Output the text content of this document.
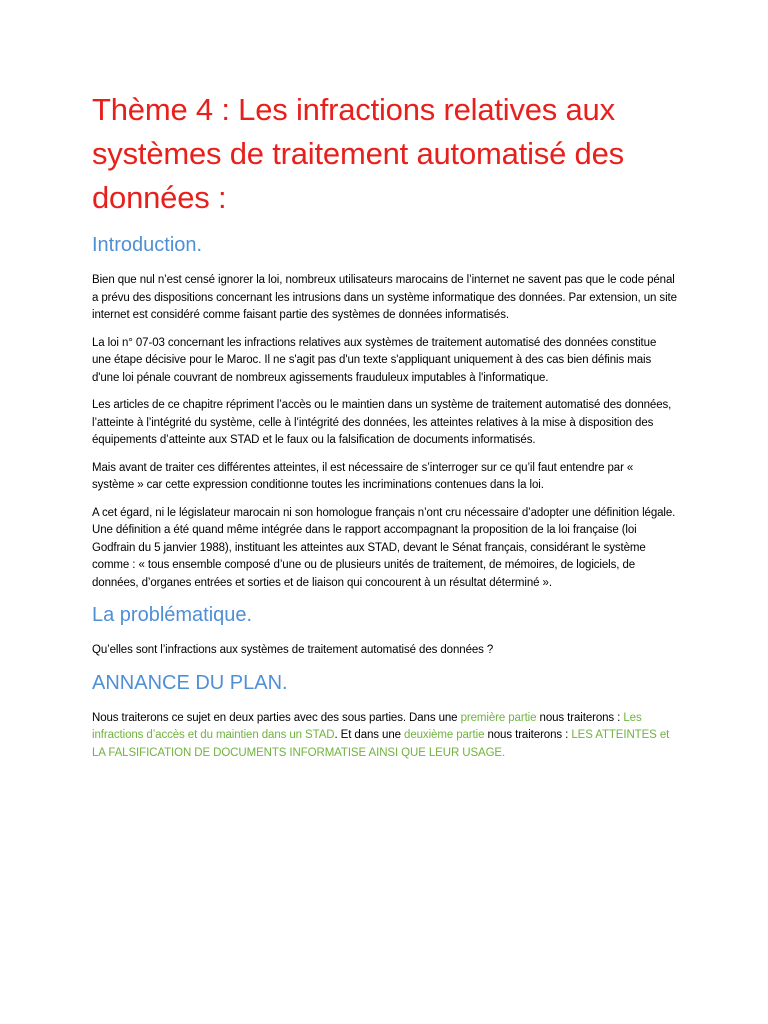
Thème 4 : Les infractions relatives aux systèmes de traitement automatisé des données :
Introduction.

Bien que nul n’est censé ignorer la loi, nombreux utilisateurs marocains de l’internet ne savent pas que le code pénal a prévu des dispositions concernant les intrusions dans un système informatique des données. Par extension, un site internet est considéré comme faisant partie des systèmes de données informatisés.

La loi n° 07-03 concernant les infractions relatives aux systèmes de traitement automatisé des données constitue une étape décisive pour le Maroc. Il ne s'agit pas d'un texte s'appliquant uniquement à des cas bien définis mais d'une loi pénale couvrant de nombreux agissements frauduleux imputables à l'informatique.

Les articles de ce chapitre répriment l’accès ou le maintien dans un système de traitement automatisé des données, l’atteinte à l’intégrité du système, celle à l’intégrité des données, les atteintes relatives à la mise à disposition des équipements d’atteinte aux STAD et le faux ou la falsification de documents informatisés.

Mais avant de traiter ces différentes atteintes, il est nécessaire de s’interroger sur ce qu’il faut entendre par « système » car cette expression conditionne toutes les incriminations contenues dans la loi.

A cet égard, ni le législateur marocain ni son homologue français n’ont cru nécessaire d’adopter une définition légale. Une définition a été quand même intégrée dans le rapport accompagnant la proposition de la loi française (loi Godfrain du 5 janvier 1988), instituant les atteintes aux STAD, devant le Sénat français, considérant le système comme : « tous ensemble composé d’une ou de plusieurs unités de traitement, de mémoires, de logiciels, de données, d’organes entrées et sorties et de liaison qui concourent à un résultat déterminé ».

La problématique.

Qu’elles sont l’infractions aux systèmes de traitement automatisé des données ?

ANNANCE DU PLAN.

Nous traiterons ce sujet en deux parties avec des sous parties. Dans une première partie nous traiterons : Les infractions d’accès et du maintien dans un STAD. Et dans une deuxième partie nous traiterons : LES ATTEINTES et LA FALSIFICATION DE DOCUMENTS INFORMATISE AINSI QUE LEUR USAGE.
